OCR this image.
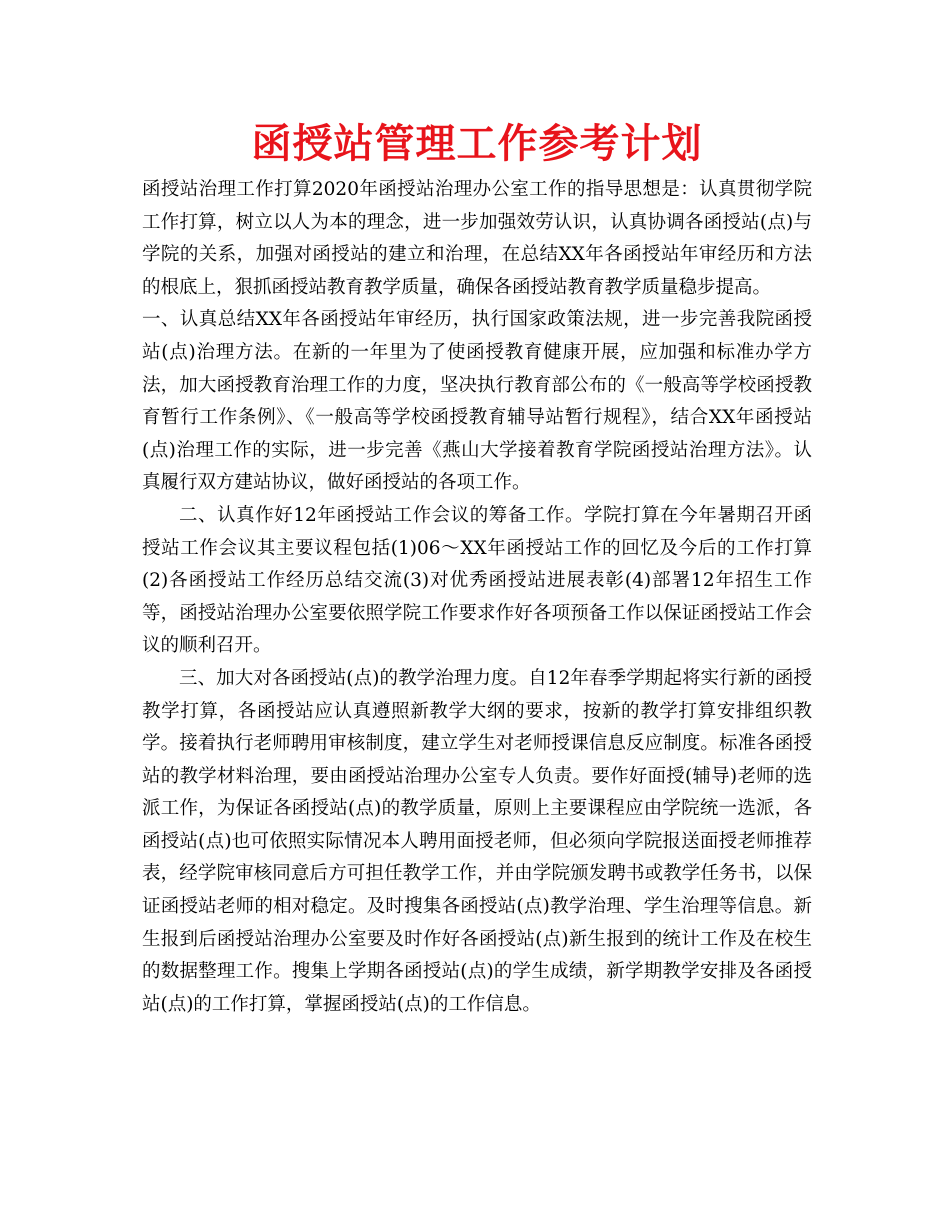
函授站管理工作参考计划

函授站治理工作打算2020年函授站治理办公室工作的指导思想是：认真贯彻学院工作打算，树立以人为本的理念，进一步加强效劳认识，认真协调各函授站(点)与学院的关系，加强对函授站的建立和治理，在总结XX年各函授站年审经历和方法的根底上，狠抓函授站教育教学质量，确保各函授站教育教学质量稳步提高。

一、认真总结XX年各函授站年审经历，执行国家政策法规，进一步完善我院函授站(点)治理方法。在新的一年里为了使函授教育健康开展，应加强和标准办学方法，加大函授教育治理工作的力度，坚决执行教育部公布的《一般高等学校函授教育暂行工作条例》、《一般高等学校函授教育辅导站暂行规程》，结合XX年函授站(点)治理工作的实际，进一步完善《燕山大学接着教育学院函授站治理方法》。认真履行双方建站协议，做好函授站的各项工作。

二、认真作好12年函授站工作会议的筹备工作。学院打算在今年暑期召开函授站工作会议其主要议程包括(1)06～XX年函授站工作的回忆及今后的工作打算(2)各函授站工作经历总结交流(3)对优秀函授站进展表彰(4)部署12年招生工作等，函授站治理办公室要依照学院工作要求作好各项预备工作以保证函授站工作会议的顺利召开。

三、加大对各函授站(点)的教学治理力度。自12年春季学期起将实行新的函授教学打算，各函授站应认真遵照新教学大纲的要求，按新的教学打算安排组织教学。接着执行老师聘用审核制度，建立学生对老师授课信息反应制度。标准各函授站的教学材料治理，要由函授站治理办公室专人负责。要作好面授(辅导)老师的选派工作，为保证各函授站(点)的教学质量，原则上主要课程应由学院统一选派，各函授站(点)也可依照实际情况本人聘用面授老师，但必须向学院报送面授老师推荐表，经学院审核同意后方可担任教学工作，并由学院颁发聘书或教学任务书，以保证函授站老师的相对稳定。及时搜集各函授站(点)教学治理、学生治理等信息。新生报到后函授站治理办公室要及时作好各函授站(点)新生报到的统计工作及在校生的数据整理工作。搜集上学期各函授站(点)的学生成绩，新学期教学安排及各函授站(点)的工作打算，掌握函授站(点)的工作信息。
